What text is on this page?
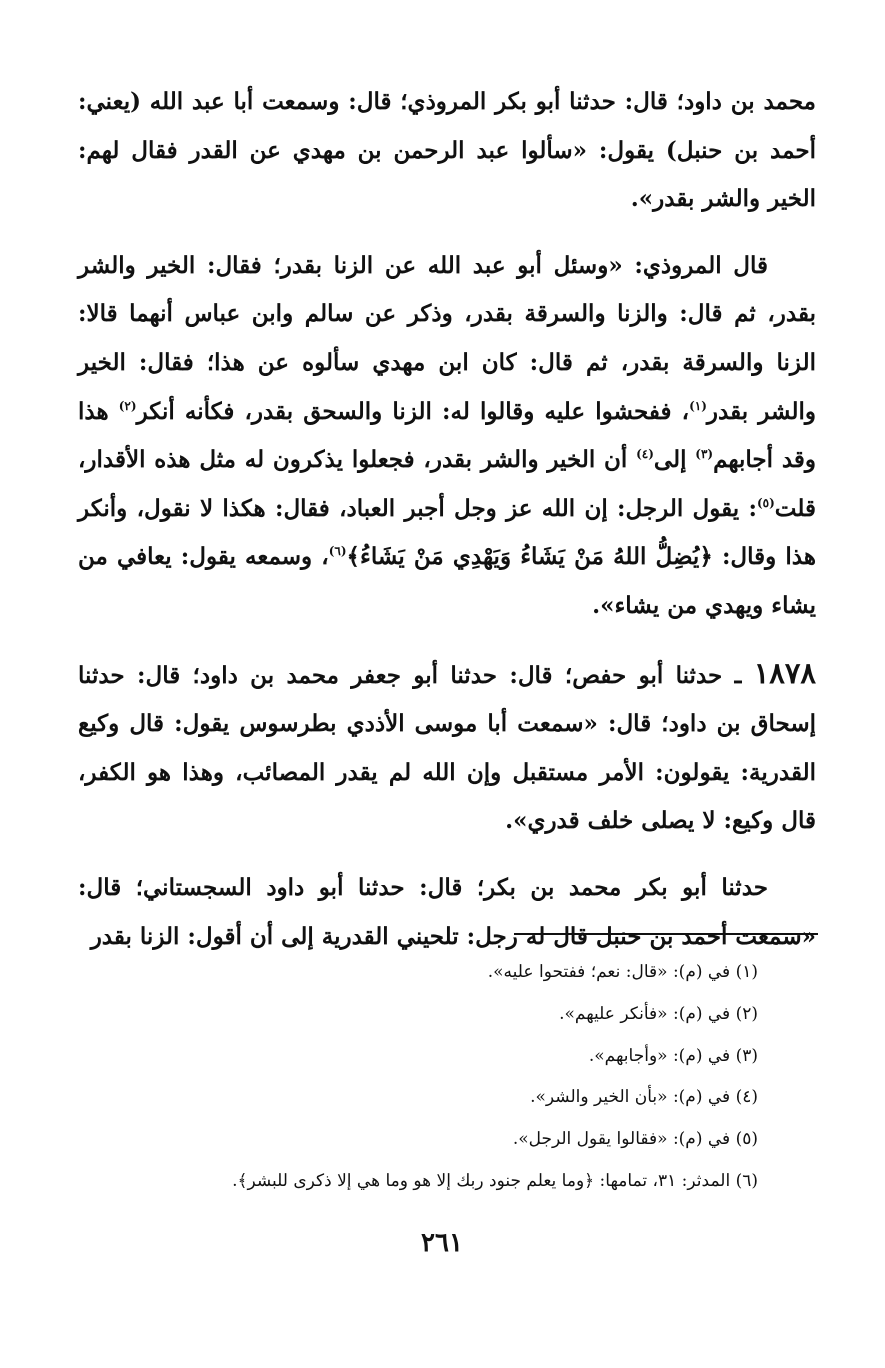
محمد بن داود؛ قال: حدثنا أبو بكر المروذي؛ قال: وسمعت أبا عبد الله (يعني: أحمد بن حنبل) يقول: «سألوا عبد الرحمن بن مهدي عن القدر فقال لهم: الخير والشر بقدر».

قال المروذي: «وسئل أبو عبد الله عن الزنا بقدر؛ فقال: الخير والشر بقدر، ثم قال: والزنا والسرقة بقدر، وذكر عن سالم وابن عباس أنهما قالا: الزنا والسرقة بقدر، ثم قال: كان ابن مهدي سألوه عن هذا؛ فقال: الخير والشر بقدر$^{(١)}$، ففحشوا عليه وقالوا له: الزنا والسحق بقدر، فكأنه أنكر$^{(٢)}$ هذا وقد أجابهم$^{(٣)}$ إلى$^{(٤)}$ أن الخير والشر بقدر، فجعلوا يذكرون له مثل هذه الأقدار، قلت$^{(٥)}$: يقول الرجل: إن الله عز وجل أجبر العباد، فقال: هكذا لا نقول، وأنكر هذا وقال: ﴿يُضِلُّ اللهُ مَنْ يَشَاءُ وَيَهْدِي مَنْ يَشَاءُ﴾$^{(٦)}$، وسمعه يقول: يعافي من يشاء ويهدي من يشاء».

١٨٧٨ ـ حدثنا أبو حفص؛ قال: حدثنا أبو جعفر محمد بن داود؛ قال: حدثنا إسحاق بن داود؛ قال: «سمعت أبا موسى الأذدي بطرسوس يقول: قال وكيع القدرية: يقولون: الأمر مستقبل وإن الله لم يقدر المصائب، وهذا هو الكفر، قال وكيع: لا يصلى خلف قدري».

حدثنا أبو بكر محمد بن بكر؛ قال: حدثنا أبو داود السجستاني؛ قال: «سمعت أحمد بن حنبل قال له رجل: تلحيني القدرية إلى أن أقول: الزنا بقدر

(١) في (م): «قال: نعم؛ ففتحوا عليه».
(٢) في (م): «فأنكر عليهم».
(٣) في (م): «وأجابهم».
(٤) في (م): «بأن الخير والشر».
(٥) في (م): «فقالوا يقول الرجل».
(٦) المدثر: ٣١، تمامها: ﴿وما يعلم جنود ربك إلا هو وما هي إلا ذكرى للبشر﴾.
٢٦١
